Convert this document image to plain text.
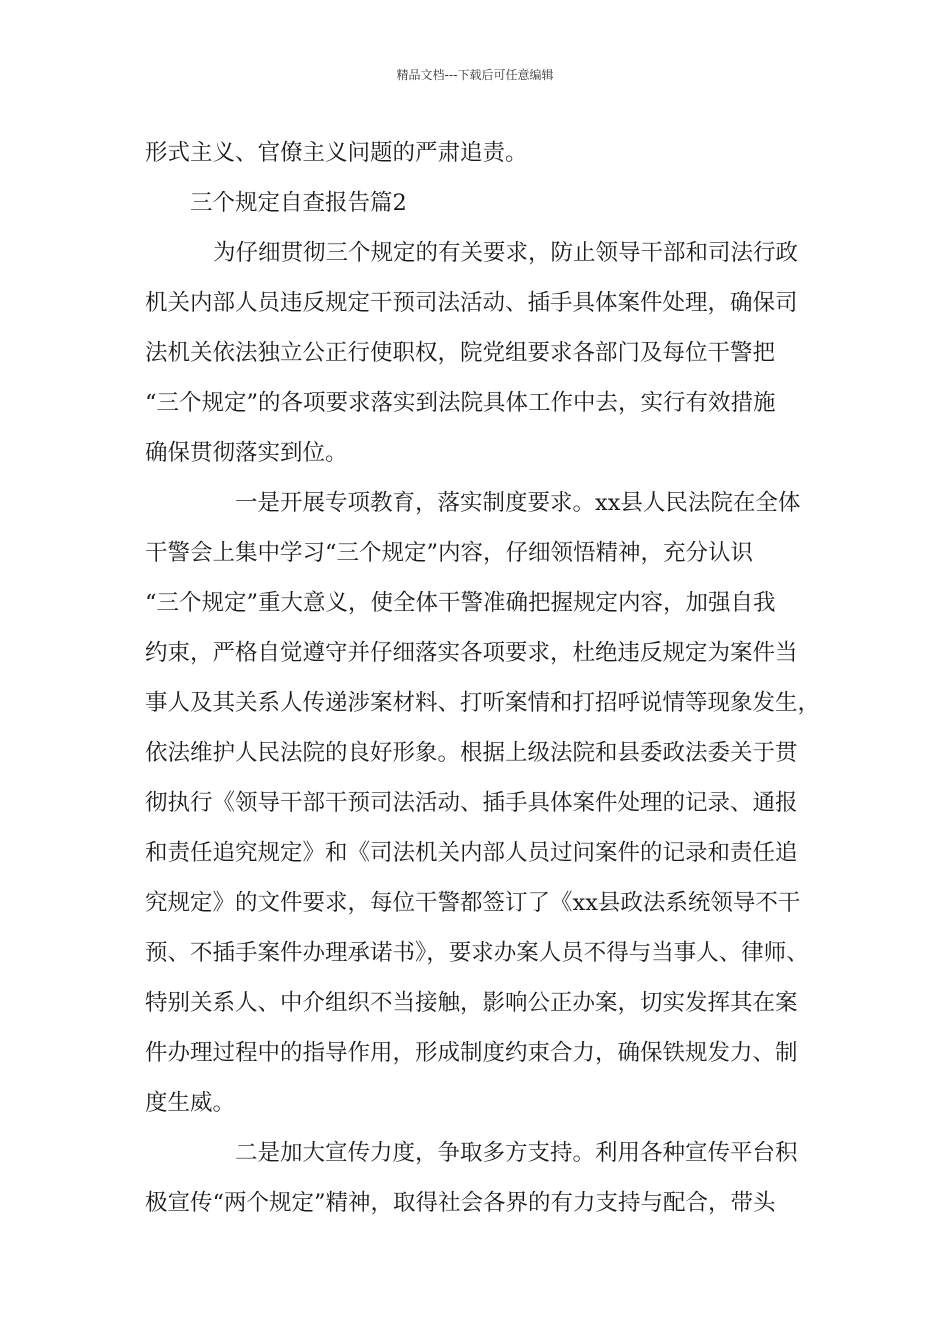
精品文档---下载后可任意编辑
形式主义、官僚主义问题的严肃追责。
三个规定自查报告篇2
为仔细贯彻三个规定的有关要求，防止领导干部和司法行政
机关内部人员违反规定干预司法活动、插手具体案件处理，确保司
法机关依法独立公正行使职权，院党组要求各部门及每位干警把
“三个规定”的各项要求落实到法院具体工作中去，实行有效措施
确保贯彻落实到位。
一是开展专项教育，落实制度要求。xx县人民法院在全体
干警会上集中学习“三个规定”内容，仔细领悟精神，充分认识
“三个规定”重大意义，使全体干警准确把握规定内容，加强自我
约束，严格自觉遵守并仔细落实各项要求，杜绝违反规定为案件当
事人及其关系人传递涉案材料、打听案情和打招呼说情等现象发生，
依法维护人民法院的良好形象。根据上级法院和县委政法委关于贯
彻执行《领导干部干预司法活动、插手具体案件处理的记录、通报
和责任追究规定》和《司法机关内部人员过问案件的记录和责任追
究规定》的文件要求，每位干警都签订了《xx县政法系统领导不干
预、不插手案件办理承诺书》，要求办案人员不得与当事人、律师、
特别关系人、中介组织不当接触，影响公正办案，切实发挥其在案
件办理过程中的指导作用，形成制度约束合力，确保铁规发力、制
度生威。
二是加大宣传力度，争取多方支持。利用各种宣传平台积
极宣传“两个规定”精神，取得社会各界的有力支持与配合，带头
